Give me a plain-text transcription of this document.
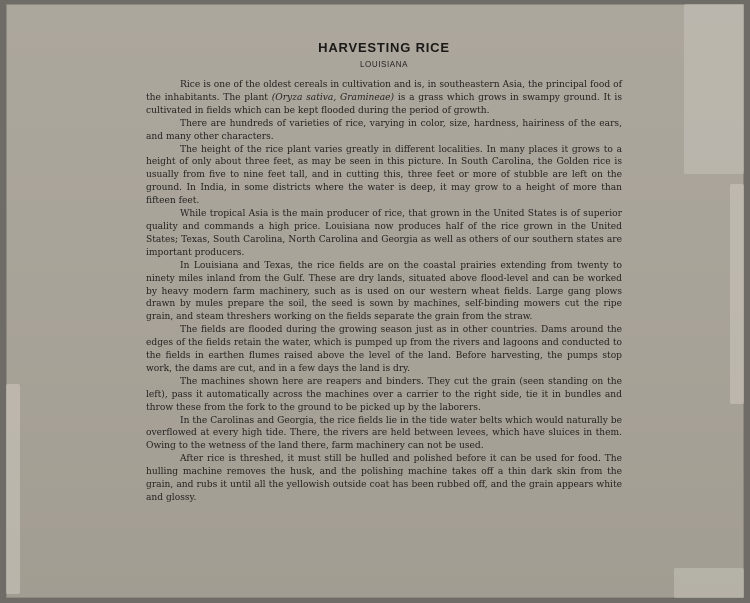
HARVESTING RICE
LOUISIANA

Rice is one of the oldest cereals in cultivation and is, in southeastern Asia, the principal food of the inhabitants. The plant (Oryza sativa, Gramineae) is a grass which grows in swampy ground. It is cultivated in fields which can be kept flooded during the period of growth.

There are hundreds of varieties of rice, varying in color, size, hardness, hairiness of the ears, and many other characters.

The height of the rice plant varies greatly in different localities. In many places it grows to a height of only about three feet, as may be seen in this picture. In South Carolina, the Golden rice is usually from five to nine feet tall, and in cutting this, three feet or more of stubble are left on the ground. In India, in some districts where the water is deep, it may grow to a height of more than fifteen feet.

While tropical Asia is the main producer of rice, that grown in the United States is of superior quality and commands a high price. Louisiana now produces half of the rice grown in the United States; Texas, South Carolina, North Carolina and Georgia as well as others of our southern states are important producers.

In Louisiana and Texas, the rice fields are on the coastal prairies extending from twenty to ninety miles inland from the Gulf. These are dry lands, situated above flood-level and can be worked by heavy modern farm machinery, such as is used on our western wheat fields. Large gang plows drawn by mules prepare the soil, the seed is sown by machines, self-binding mowers cut the ripe grain, and steam threshers working on the fields separate the grain from the straw.

The fields are flooded during the growing season just as in other countries. Dams around the edges of the fields retain the water, which is pumped up from the rivers and lagoons and conducted to the fields in earthen flumes raised above the level of the land. Before harvesting, the pumps stop work, the dams are cut, and in a few days the land is dry.

The machines shown here are reapers and binders. They cut the grain (seen standing on the left), pass it automatically across the machines over a carrier to the right side, tie it in bundles and throw these from the fork to the ground to be picked up by the laborers.

In the Carolinas and Georgia, the rice fields lie in the tide water belts which would naturally be overflowed at every high tide. There, the rivers are held between levees, which have sluices in them. Owing to the wetness of the land there, farm machinery can not be used.

After rice is threshed, it must still be hulled and polished before it can be used for food. The hulling machine removes the husk, and the polishing machine takes off a thin dark skin from the grain, and rubs it until all the yellowish outside coat has been rubbed off, and the grain appears white and glossy.
